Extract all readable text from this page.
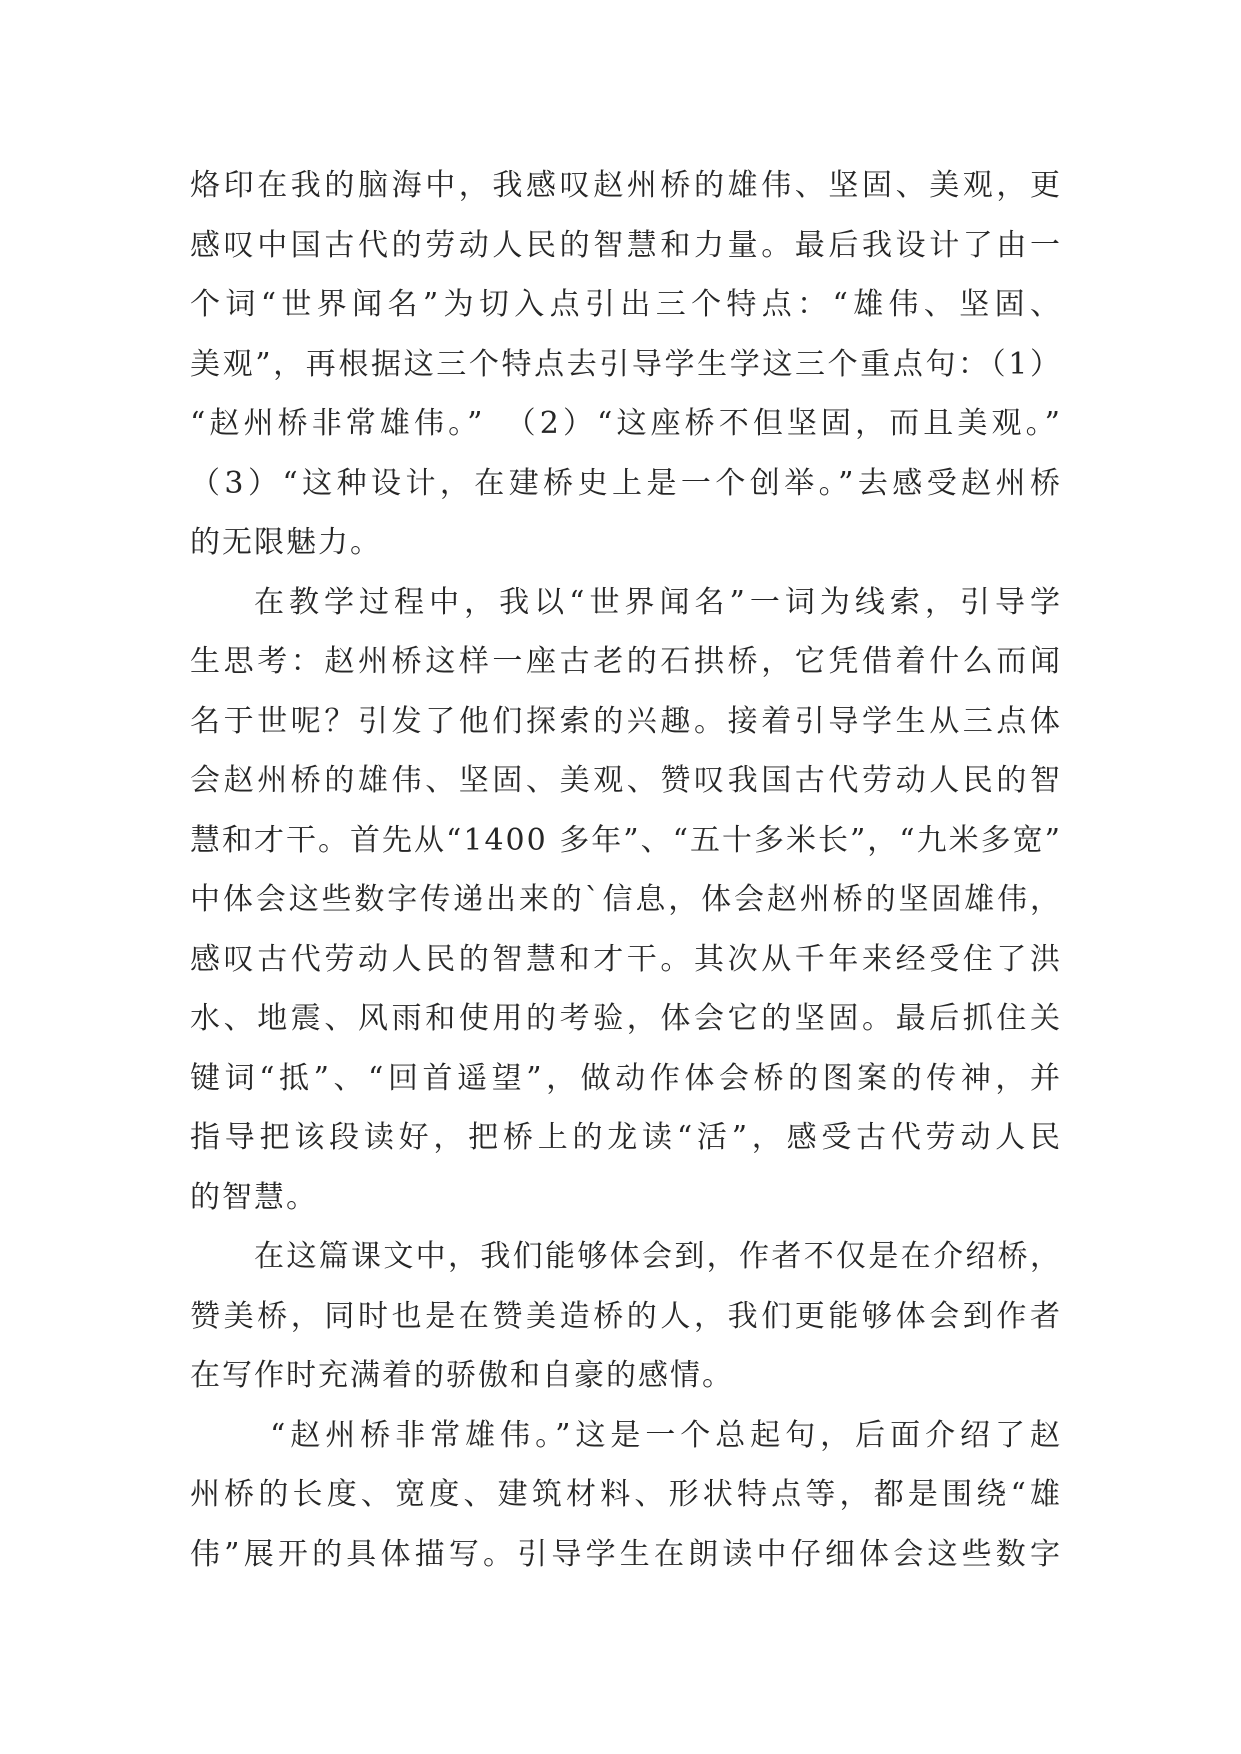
烙印在我的脑海中，我感叹赵州桥的雄伟、坚固、美观，更
感叹中国古代的劳动人民的智慧和力量。最后我设计了由一
个词“世界闻名”为切入点引出三个特点：“雄伟、坚固、
美观”，再根据这三个特点去引导学生学这三个重点句：（1）
“赵州桥非常雄伟。”　（2）“这座桥不但坚固，而且美观。”
（3）“这种设计，在建桥史上是一个创举。”去感受赵州桥
的无限魅力。
在教学过程中，我以“世界闻名”一词为线索，引导学
生思考：赵州桥这样一座古老的石拱桥，它凭借着什么而闻
名于世呢？引发了他们探索的兴趣。接着引导学生从三点体
会赵州桥的雄伟、坚固、美观、赞叹我国古代劳动人民的智
慧和才干。首先从“1400 多年”、“五十多米长”，“九米多宽”
中体会这些数字传递出来的`信息，体会赵州桥的坚固雄伟，
感叹古代劳动人民的智慧和才干。其次从千年来经受住了洪
水、地震、风雨和使用的考验，体会它的坚固。最后抓住关
键词“抵”、“回首遥望”，做动作体会桥的图案的传神，并
指导把该段读好，把桥上的龙读“活”，感受古代劳动人民
的智慧。
在这篇课文中，我们能够体会到，作者不仅是在介绍桥，
赞美桥，同时也是在赞美造桥的人，我们更能够体会到作者
在写作时充满着的骄傲和自豪的感情。
“赵州桥非常雄伟。”这是一个总起句，后面介绍了赵
州桥的长度、宽度、建筑材料、形状特点等，都是围绕“雄
伟”展开的具体描写。引导学生在朗读中仔细体会这些数字
